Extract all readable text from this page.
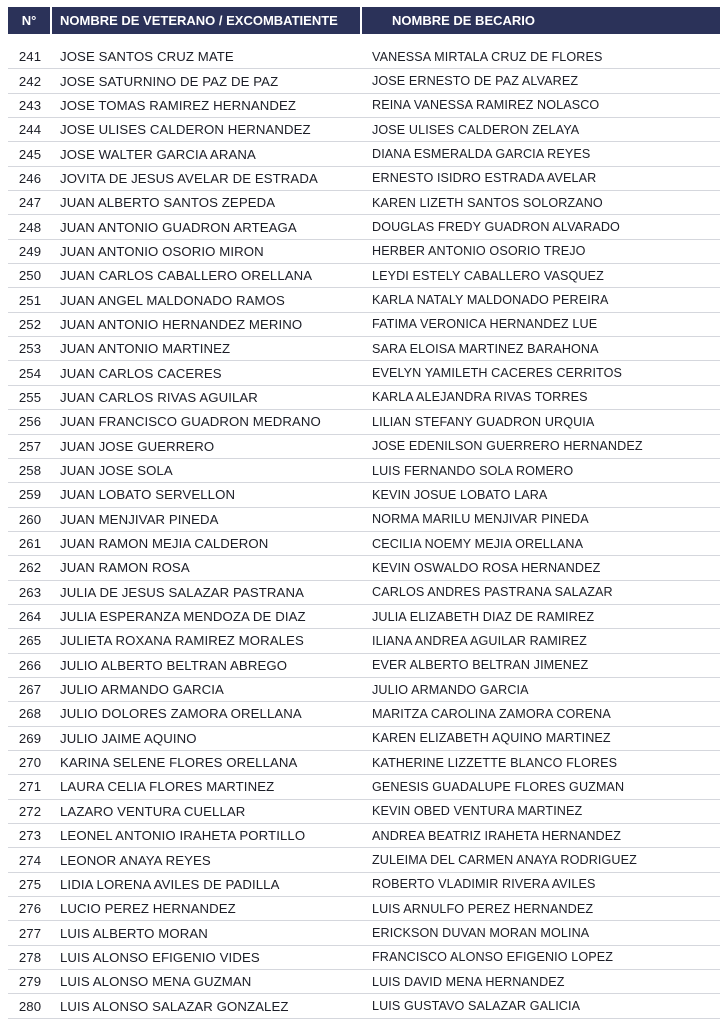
N°	NOMBRE DE VETERANO / EXCOMBATIENTE	NOMBRE DE BECARIO
241	JOSE SANTOS CRUZ MATE	VANESSA MIRTALA CRUZ DE FLORES
242	JOSE SATURNINO DE PAZ DE PAZ	JOSE ERNESTO DE PAZ ALVAREZ
243	JOSE TOMAS RAMIREZ HERNANDEZ	REINA VANESSA RAMIREZ NOLASCO
244	JOSE ULISES CALDERON HERNANDEZ	JOSE ULISES CALDERON ZELAYA
245	JOSE WALTER GARCIA ARANA	DIANA ESMERALDA GARCIA REYES
246	JOVITA DE JESUS AVELAR DE ESTRADA	ERNESTO ISIDRO ESTRADA AVELAR
247	JUAN ALBERTO SANTOS ZEPEDA	KAREN LIZETH SANTOS SOLORZANO
248	JUAN ANTONIO GUADRON ARTEAGA	DOUGLAS FREDY GUADRON ALVARADO
249	JUAN ANTONIO OSORIO MIRON	HERBER ANTONIO OSORIO TREJO
250	JUAN CARLOS CABALLERO ORELLANA	LEYDI ESTELY CABALLERO VASQUEZ
251	JUAN ANGEL MALDONADO RAMOS	KARLA NATALY MALDONADO PEREIRA
252	JUAN ANTONIO HERNANDEZ MERINO	FATIMA VERONICA HERNANDEZ LUE
253	JUAN ANTONIO MARTINEZ	SARA ELOISA MARTINEZ BARAHONA
254	JUAN CARLOS CACERES	EVELYN YAMILETH CACERES CERRITOS
255	JUAN CARLOS RIVAS AGUILAR	KARLA ALEJANDRA RIVAS TORRES
256	JUAN FRANCISCO GUADRON MEDRANO	LILIAN STEFANY GUADRON URQUIA
257	JUAN JOSE GUERRERO	JOSE EDENILSON GUERRERO HERNANDEZ
258	JUAN JOSE SOLA	LUIS FERNANDO SOLA ROMERO
259	JUAN LOBATO SERVELLON	KEVIN JOSUE LOBATO LARA
260	JUAN MENJIVAR PINEDA	NORMA MARILU MENJIVAR PINEDA
261	JUAN RAMON MEJIA CALDERON	CECILIA NOEMY MEJIA ORELLANA
262	JUAN RAMON ROSA	KEVIN OSWALDO ROSA HERNANDEZ
263	JULIA DE JESUS SALAZAR PASTRANA	CARLOS ANDRES PASTRANA SALAZAR
264	JULIA ESPERANZA MENDOZA DE DIAZ	JULIA ELIZABETH DIAZ DE RAMIREZ
265	JULIETA ROXANA RAMIREZ MORALES	ILIANA ANDREA AGUILAR RAMIREZ
266	JULIO ALBERTO BELTRAN ABREGO	EVER ALBERTO BELTRAN JIMENEZ
267	JULIO ARMANDO GARCIA	JULIO ARMANDO GARCIA
268	JULIO DOLORES ZAMORA ORELLANA	MARITZA CAROLINA ZAMORA CORENA
269	JULIO JAIME AQUINO	KAREN ELIZABETH AQUINO MARTINEZ
270	KARINA SELENE FLORES ORELLANA	KATHERINE LIZZETTE BLANCO FLORES
271	LAURA CELIA FLORES MARTINEZ	GENESIS GUADALUPE FLORES GUZMAN
272	LAZARO VENTURA CUELLAR	KEVIN OBED VENTURA MARTINEZ
273	LEONEL ANTONIO IRAHETA PORTILLO	ANDREA BEATRIZ IRAHETA HERNANDEZ
274	LEONOR ANAYA REYES	ZULEIMA DEL CARMEN ANAYA RODRIGUEZ
275	LIDIA LORENA AVILES DE PADILLA	ROBERTO VLADIMIR RIVERA AVILES
276	LUCIO PEREZ HERNANDEZ	LUIS ARNULFO PEREZ HERNANDEZ
277	LUIS ALBERTO MORAN	ERICKSON DUVAN MORAN MOLINA
278	LUIS ALONSO EFIGENIO VIDES	FRANCISCO ALONSO EFIGENIO LOPEZ
279	LUIS ALONSO MENA GUZMAN	LUIS DAVID MENA HERNANDEZ
280	LUIS ALONSO SALAZAR GONZALEZ	LUIS GUSTAVO SALAZAR GALICIA
